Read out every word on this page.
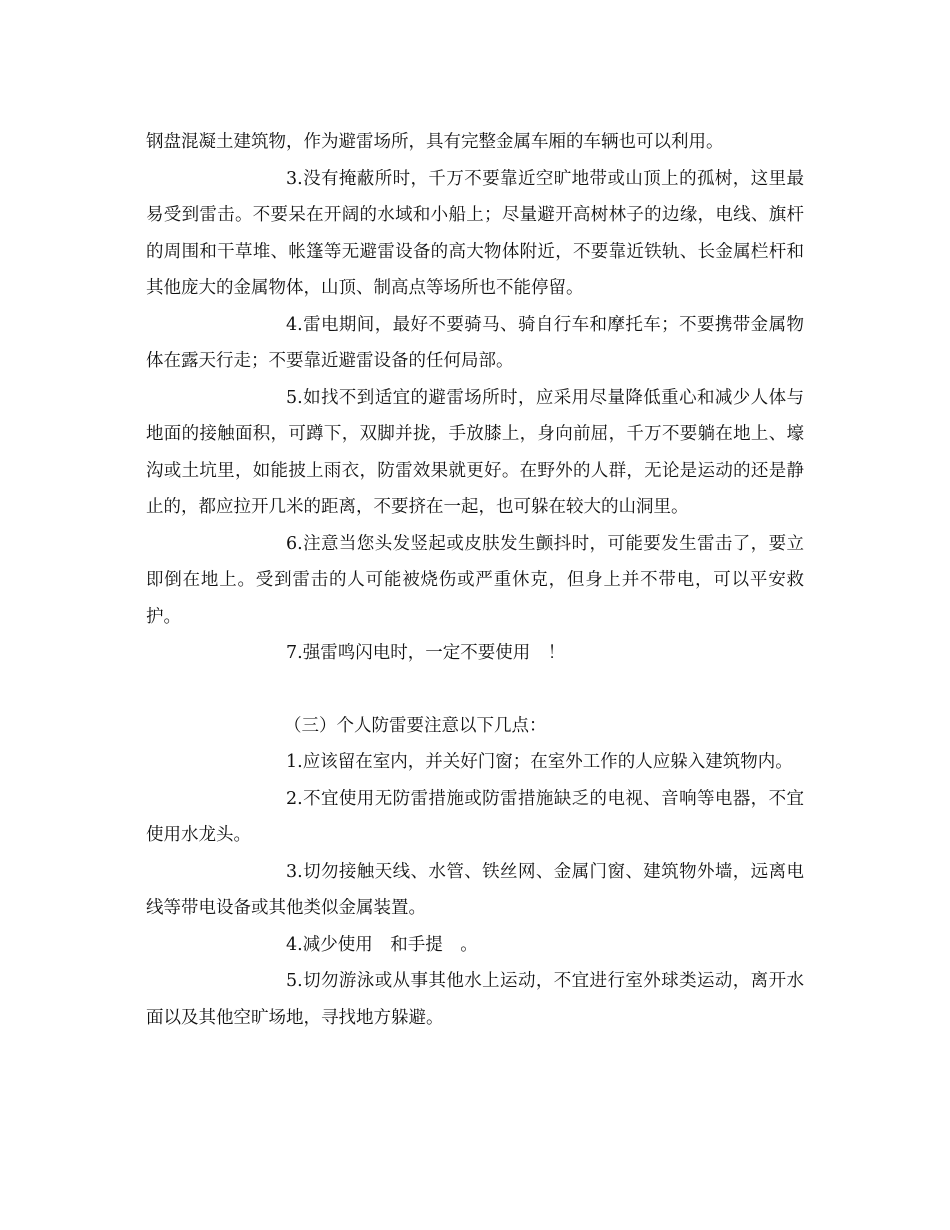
钢盘混凝土建筑物，作为避雷场所，具有完整金属车厢的车辆也可以利用。

3.没有掩蔽所时，千万不要靠近空旷地带或山顶上的孤树，这里最易受到雷击。不要呆在开阔的水域和小船上；尽量避开高树林子的边缘，电线、旗杆的周围和干草堆、帐篷等无避雷设备的高大物体附近，不要靠近铁轨、长金属栏杆和其他庞大的金属物体，山顶、制高点等场所也不能停留。

4.雷电期间，最好不要骑马、骑自行车和摩托车；不要携带金属物体在露天行走；不要靠近避雷设备的任何局部。

5.如找不到适宜的避雷场所时，应采用尽量降低重心和减少人体与地面的接触面积，可蹲下，双脚并拢，手放膝上，身向前屈，千万不要躺在地上、壕沟或土坑里，如能披上雨衣，防雷效果就更好。在野外的人群，无论是运动的还是静止的，都应拉开几米的距离，不要挤在一起，也可躲在较大的山洞里。

6.注意当您头发竖起或皮肤发生颤抖时，可能要发生雷击了，要立即倒在地上。受到雷击的人可能被烧伤或严重休克，但身上并不带电，可以平安救护。

7.强雷鸣闪电时，一定不要使用　！

（三）个人防雷要注意以下几点：

1.应该留在室内，并关好门窗；在室外工作的人应躲入建筑物内。

2.不宜使用无防雷措施或防雷措施缺乏的电视、音响等电器，不宜使用水龙头。

3.切勿接触天线、水管、铁丝网、金属门窗、建筑物外墙，远离电线等带电设备或其他类似金属装置。

4.减少使用　和手提　。

5.切勿游泳或从事其他水上运动，不宜进行室外球类运动，离开水面以及其他空旷场地，寻找地方躲避。
